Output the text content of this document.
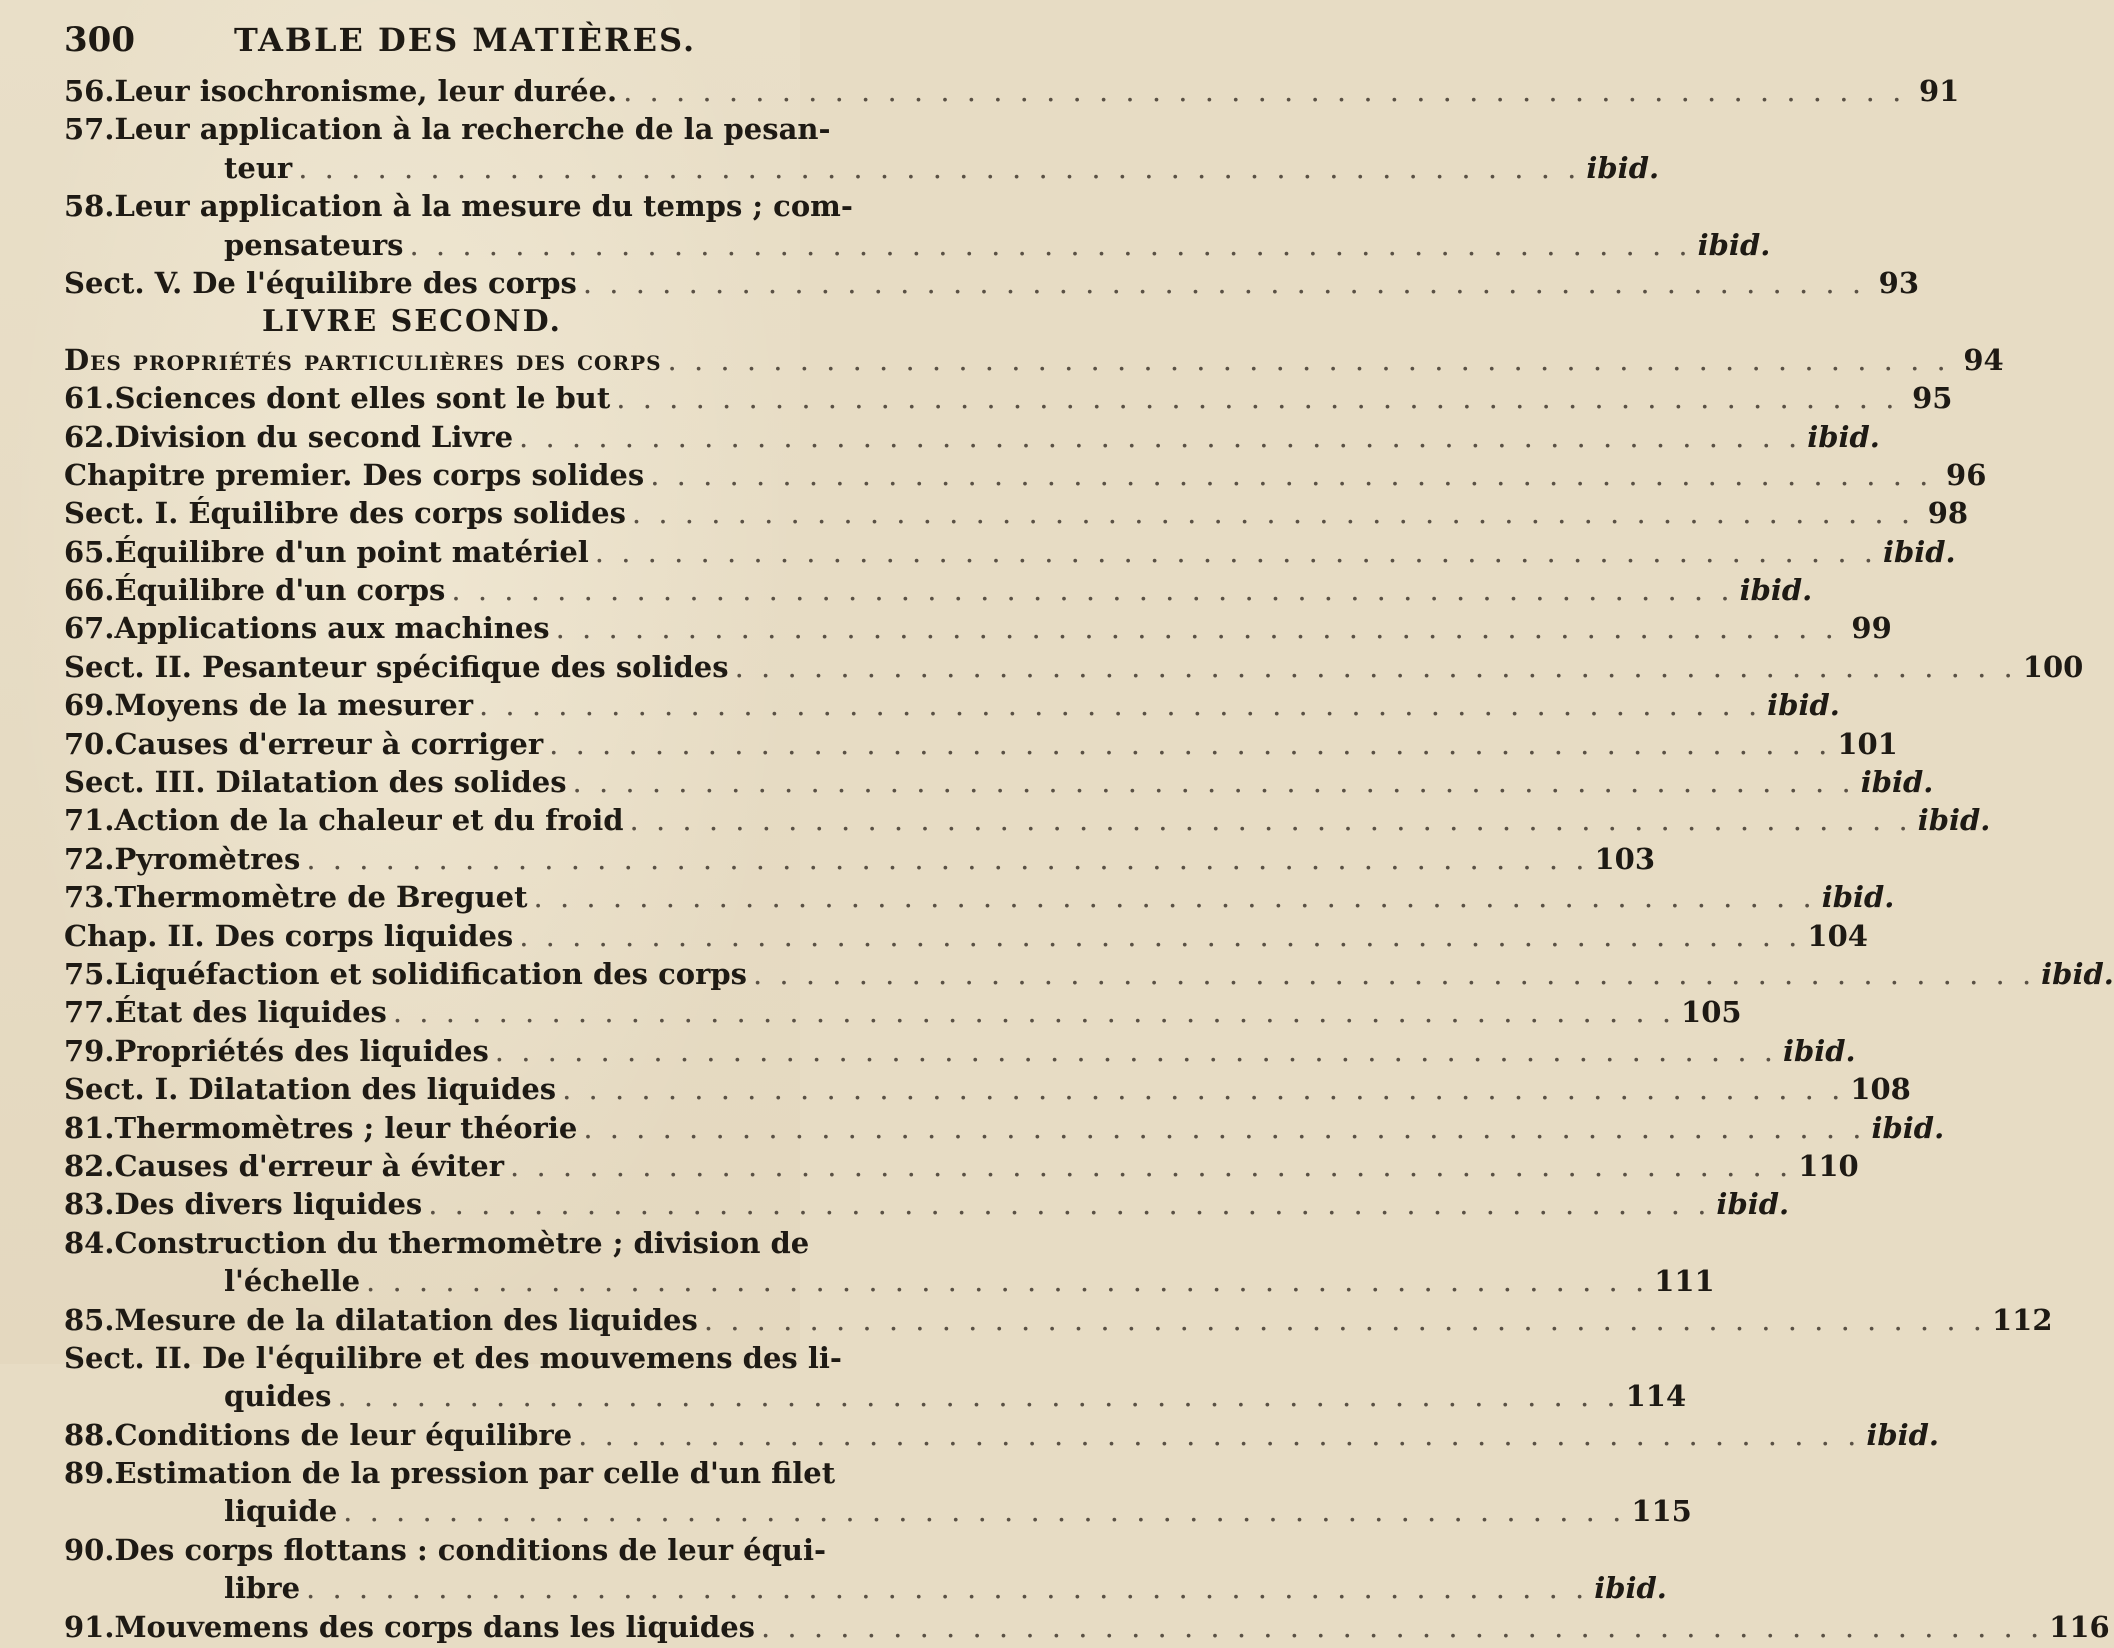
300	TABLE DES MATIÈRES.
56. Leur isochronisme, leur durée. . . .	91
57. Leur application à la recherche de la pesan-
teur . . .	ibid.
58. Leur application à la mesure du temps ; com-
pensateurs . . .	ibid.
Sect. V. De l'équilibre des corps . . .	93
LIVRE SECOND.
Des propriétés particulières des corps . . .	94
61. Sciences dont elles sont le but . . .	95
62. Division du second Livre . . .	ibid.
Chapitre premier. Des corps solides . . .	96
Sect. I. Équilibre des corps solides . . .	98
65. Équilibre d'un point matériel . . .	ibid.
66. Équilibre d'un corps . . .	ibid.
67. Applications aux machines . . .	99
Sect. II. Pesanteur spécifique des solides . . .	100
69. Moyens de la mesurer . . .	ibid.
70. Causes d'erreur à corriger . . .	101
Sect. III. Dilatation des solides . . .	ibid.
71. Action de la chaleur et du froid . . .	ibid.
72. Pyromètres . . .	103
73. Thermomètre de Breguet . . .	ibid.
Chap. II. Des corps liquides . . .	104
75. Liquéfaction et solidification des corps . . .	ibid.
77. État des liquides . . .	105
79. Propriétés des liquides . . .	ibid.
Sect. I. Dilatation des liquides . . .	108
81. Thermomètres ; leur théorie . . .	ibid.
82. Causes d'erreur à éviter . . .	110
83. Des divers liquides . . .	ibid.
84. Construction du thermomètre ; division de
l'échelle . . .	111
85. Mesure de la dilatation des liquides . . .	112
Sect. II. De l'équilibre et des mouvemens des li-
quides . . .	114
88. Conditions de leur équilibre . . .	ibid.
89. Estimation de la pression par celle d'un filet
liquide . . .	115
90. Des corps flottans : conditions de leur équi-
libre . . .	ibid.
91. Mouvemens des corps dans les liquides . . .	116
